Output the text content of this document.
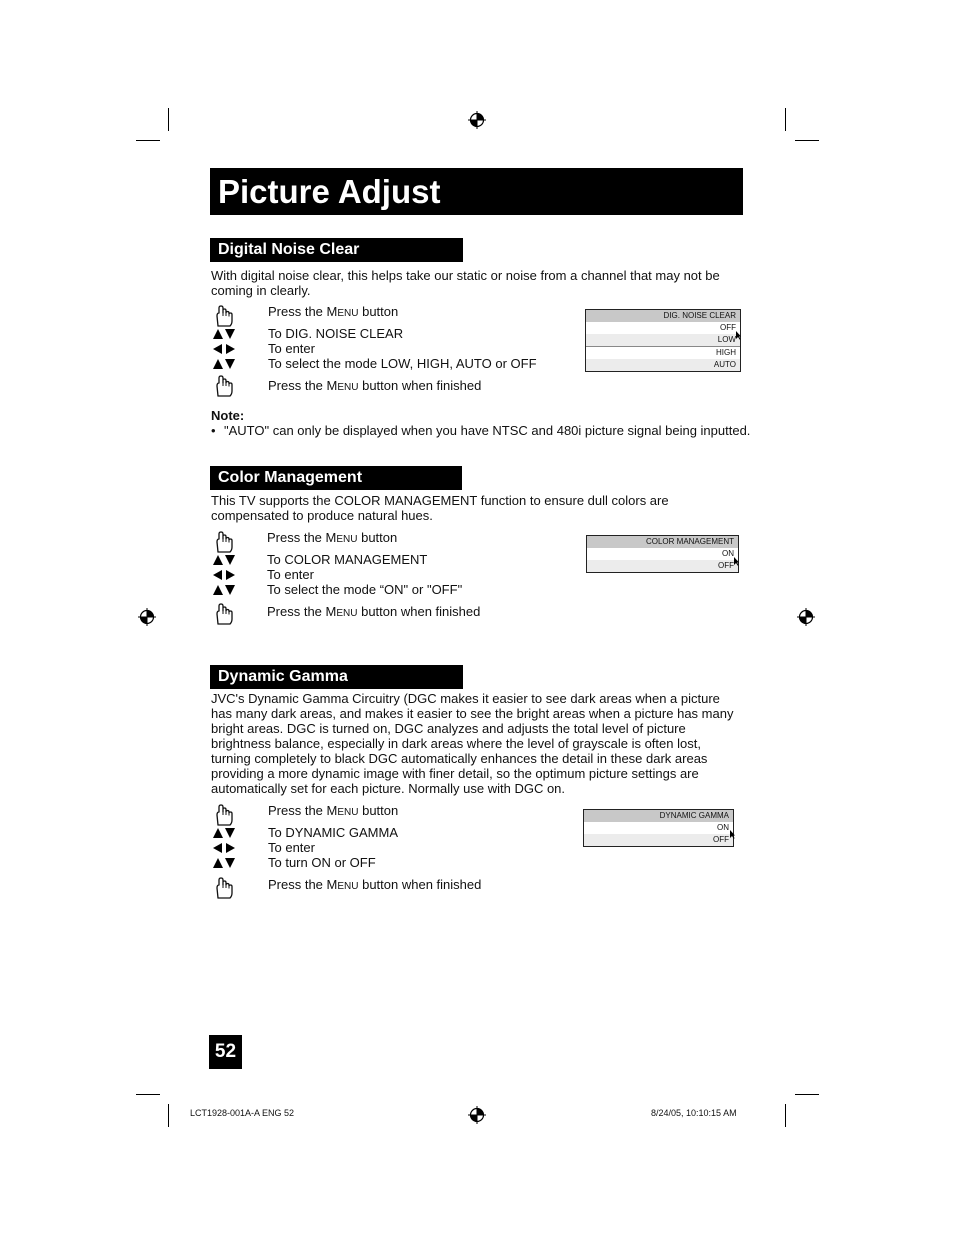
Picture Adjust
Digital Noise Clear

With digital noise clear, this helps take our static or noise from a channel that may not be coming in clearly.

Press the MENU button
To DIG. NOISE CLEAR
To enter
To select the mode LOW, HIGH, AUTO or OFF
Press the MENU button when finished
DIG. NOISE CLEAR
OFF
LOW
HIGH
AUTO
Note:
• "AUTO" can only be displayed when you have NTSC and 480i picture signal being inputted.
Color Management

This TV supports the COLOR MANAGEMENT function to ensure dull colors are compensated to produce natural hues.

Press the MENU button
To COLOR MANAGEMENT
To enter
To select the mode “ON" or "OFF"
Press the MENU button when finished
COLOR MANAGEMENT
ON
OFF
Dynamic Gamma

JVC's Dynamic Gamma Circuitry (DGC makes it easier to see dark areas when a picture has many dark areas, and makes it easier to see the bright areas when a picture has many bright areas. DGC is turned on, DGC analyzes and adjusts the total level of picture brightness balance, especially in dark areas where the level of grayscale is often lost, turning completely to black DGC automatically enhances the detail in these dark areas providing a more dynamic image with finer detail, so the optimum picture settings are automatically set for each picture. Normally use with DGC on.

Press the MENU button
To DYNAMIC GAMMA
To enter
To turn ON or OFF
Press the MENU button when finished
DYNAMIC GAMMA
ON
OFF
52
LCT1928-001A-A ENG 52	8/24/05, 10:10:15 AM
